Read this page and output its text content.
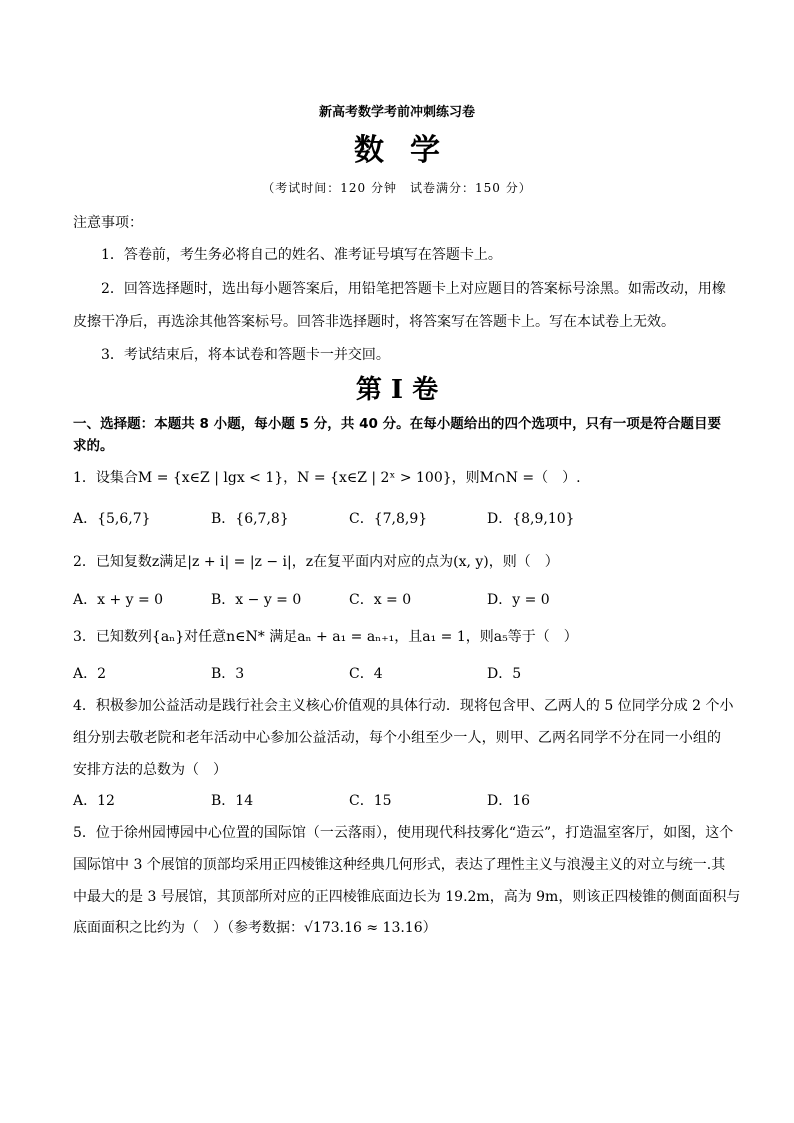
新高考数学考前冲刺练习卷
数学
（考试时间：120 分钟　试卷满分：150 分）
注意事项：
1．答卷前，考生务必将自己的姓名、准考证号填写在答题卡上。
2．回答选择题时，选出每小题答案后，用铅笔把答题卡上对应题目的答案标号涂黑。如需改动，用橡
皮擦干净后，再选涂其他答案标号。回答非选择题时，将答案写在答题卡上。写在本试卷上无效。
3．考试结束后，将本试卷和答题卡一并交回。
第 I 卷
一、选择题：本题共 8 小题，每小题 5 分，共 40 分。在每小题给出的四个选项中，只有一项是符合题目要
求的。
1．设集合M = {x∈Z | lgx < 1}，N = {x∈Z | 2ˣ > 100}，则M∩N =（　）.
A．{5,6,7}	B．{6,7,8}	C．{7,8,9}	D．{8,9,10}
2．已知复数z满足|z + i| = |z − i|，z在复平面内对应的点为(x, y)，则（　）
A．x + y = 0	B．x − y = 0	C．x = 0	D．y = 0
3．已知数列{aₙ}对任意n∈N* 满足aₙ + a₁ = aₙ₊₁，且a₁ = 1，则a₅等于（　）
A．2	B．3	C．4	D．5
4．积极参加公益活动是践行社会主义核心价值观的具体行动．现将包含甲、乙两人的 5 位同学分成 2 个小
组分别去敬老院和老年活动中心参加公益活动，每个小组至少一人，则甲、乙两名同学不分在同一小组的
安排方法的总数为（　）
A．12	B．14	C．15	D．16
5．位于徐州园博园中心位置的国际馆（一云落雨），使用现代科技雾化“造云”，打造温室客厅，如图，这个
国际馆中 3 个展馆的顶部均采用正四棱锥这种经典几何形式，表达了理性主义与浪漫主义的对立与统一.其
中最大的是 3 号展馆，其顶部所对应的正四棱锥底面边长为 19.2m，高为 9m，则该正四棱锥的侧面面积与
底面面积之比约为（　）（参考数据：√173.16 ≈ 13.16）
